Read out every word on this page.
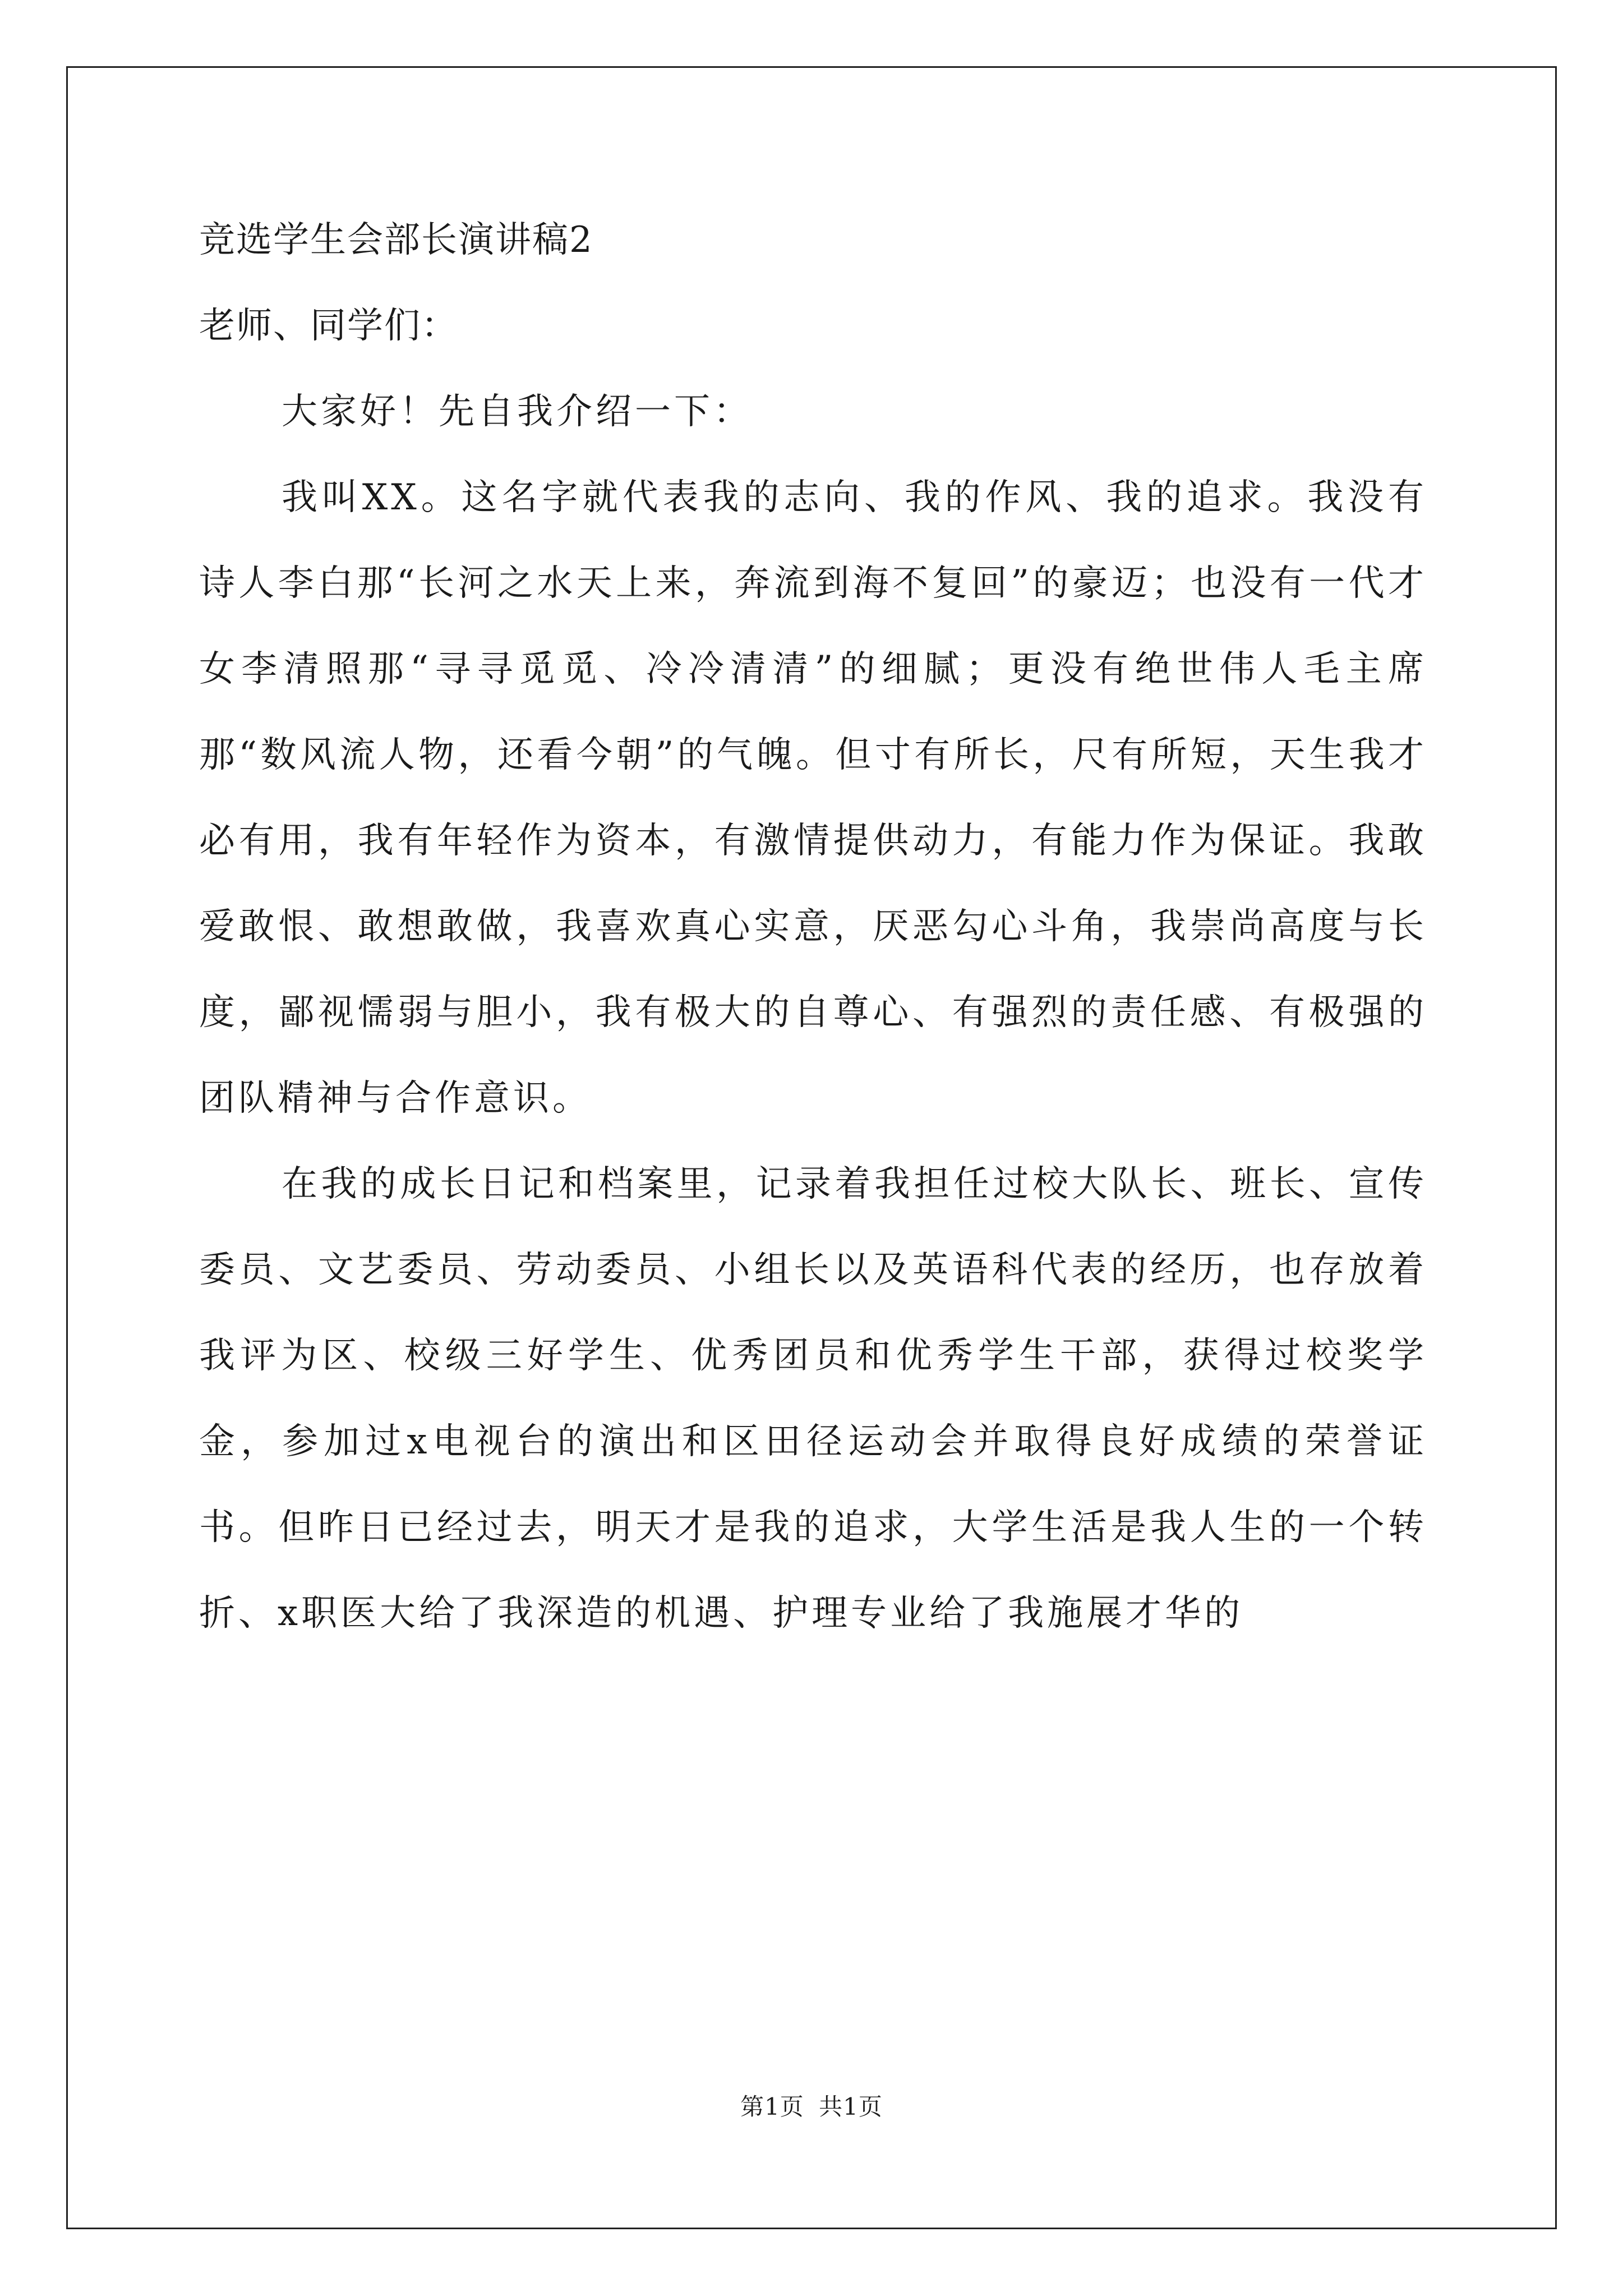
竞选学生会部长演讲稿2

老师、同学们：

大家好！先自我介绍一下：

我叫XX。这名字就代表我的志向、我的作风、我的追求。我没有诗人李白那“长河之水天上来，奔流到海不复回”的豪迈；也没有一代才女李清照那“寻寻觅觅、冷冷清清”的细腻；更没有绝世伟人毛主席那“数风流人物，还看今朝”的气魄。但寸有所长，尺有所短，天生我才必有用，我有年轻作为资本，有激情提供动力，有能力作为保证。我敢爱敢恨、敢想敢做，我喜欢真心实意，厌恶勾心斗角，我崇尚高度与长度，鄙视懦弱与胆小，我有极大的自尊心、有强烈的责任感、有极强的团队精神与合作意识。

在我的成长日记和档案里，记录着我担任过校大队长、班长、宣传委员、文艺委员、劳动委员、小组长以及英语科代表的经历，也存放着我评为区、校级三好学生、优秀团员和优秀学生干部，获得过校奖学金，参加过x电视台的演出和区田径运动会并取得良好成绩的荣誉证书。但昨日已经过去，明天才是我的追求，大学生活是我人生的一个转折、x职医大给了我深造的机遇、护理专业给了我施展才华的

第1页 共1页
